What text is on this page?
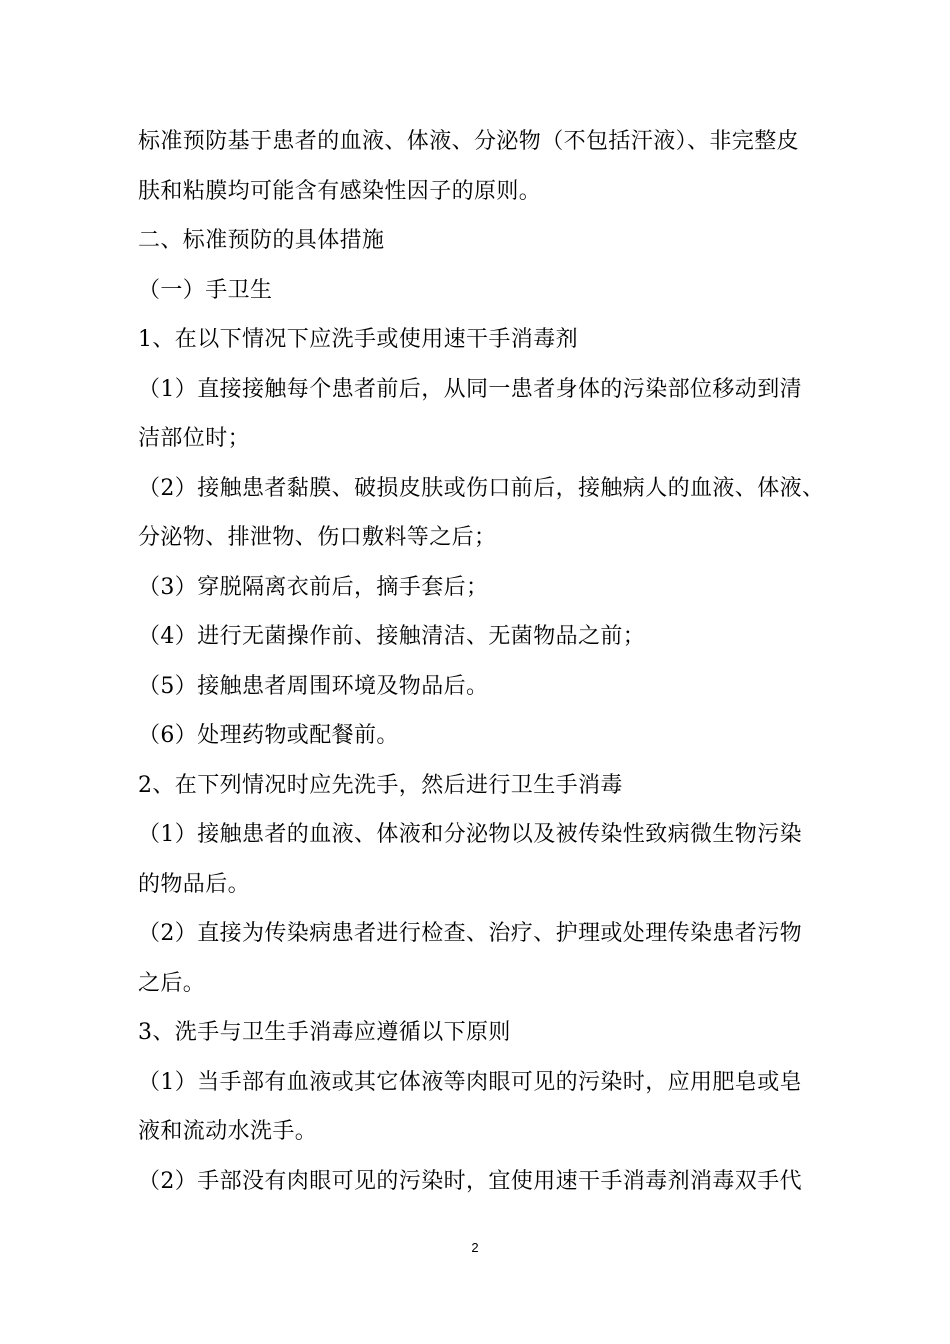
标准预防基于患者的血液、体液、分泌物（不包括汗液）、非完整皮
肤和粘膜均可能含有感染性因子的原则。
二、标准预防的具体措施
（一）手卫生
1、在以下情况下应洗手或使用速干手消毒剂
（1）直接接触每个患者前后，从同一患者身体的污染部位移动到清
洁部位时；
（2）接触患者黏膜、破损皮肤或伤口前后，接触病人的血液、体液、
分泌物、排泄物、伤口敷料等之后；
（3）穿脱隔离衣前后，摘手套后；
（4）进行无菌操作前、接触清洁、无菌物品之前；
（5）接触患者周围环境及物品后。
（6）处理药物或配餐前。
2、在下列情况时应先洗手，然后进行卫生手消毒
（1）接触患者的血液、体液和分泌物以及被传染性致病微生物污染
的物品后。
（2）直接为传染病患者进行检查、治疗、护理或处理传染患者污物
之后。
3、洗手与卫生手消毒应遵循以下原则
（1）当手部有血液或其它体液等肉眼可见的污染时，应用肥皂或皂
液和流动水洗手。
（2）手部没有肉眼可见的污染时，宜使用速干手消毒剂消毒双手代
2
